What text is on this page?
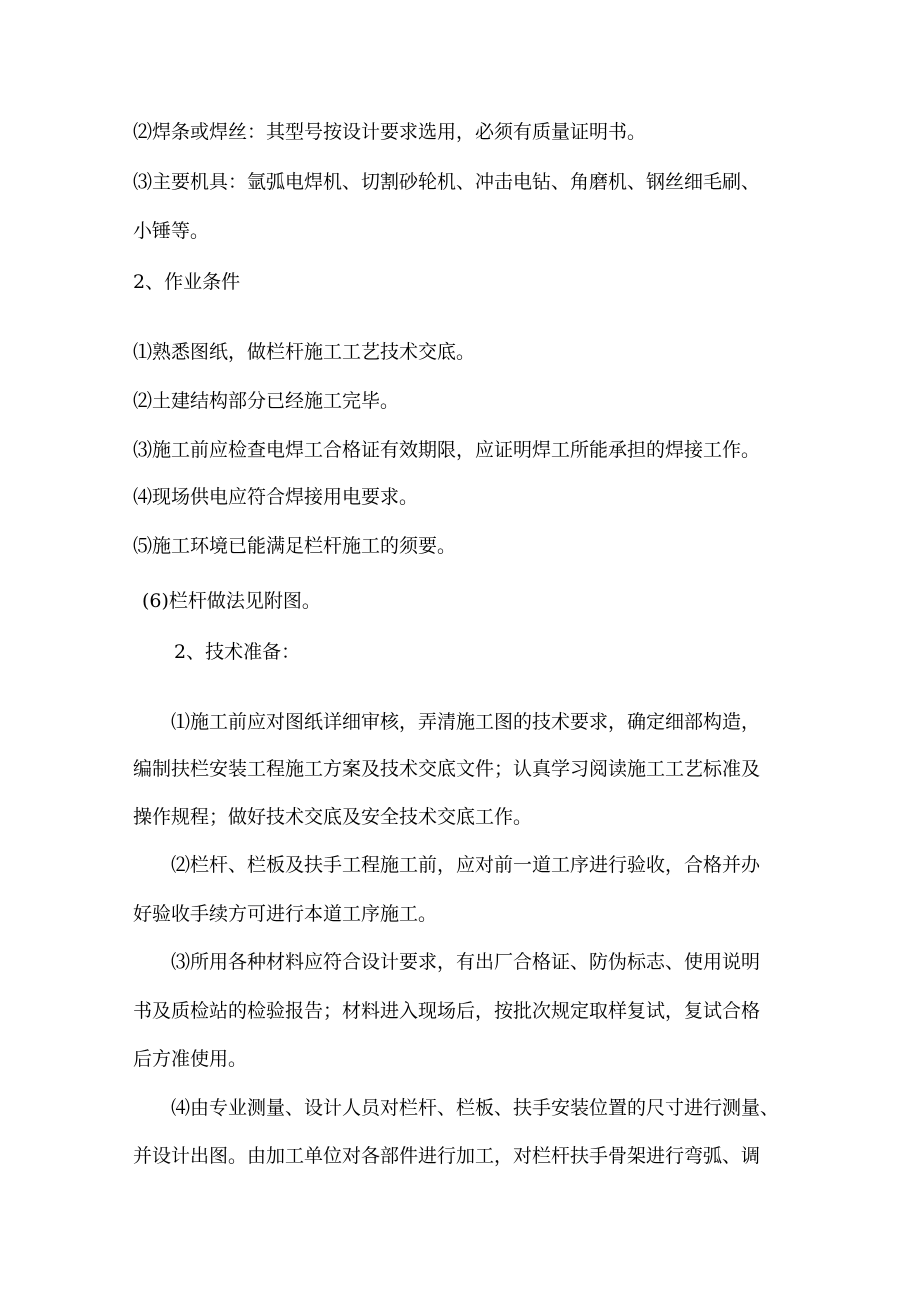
⑵焊条或焊丝：其型号按设计要求选用，必须有质量证明书。

⑶主要机具：氩弧电焊机、切割砂轮机、冲击电钻、角磨机、钢丝细毛刷、

小锤等。

2、作业条件

⑴熟悉图纸，做栏杆施工工艺技术交底。

⑵土建结构部分已经施工完毕。

⑶施工前应检查电焊工合格证有效期限，应证明焊工所能承担的焊接工作。

⑷现场供电应符合焊接用电要求。

⑸施工环境已能满足栏杆施工的须要。

(6)栏杆做法见附图。

2、技术准备：

⑴施工前应对图纸详细审核，弄清施工图的技术要求，确定细部构造，

编制扶栏安装工程施工方案及技术交底文件；认真学习阅读施工工艺标准及

操作规程；做好技术交底及安全技术交底工作。

⑵栏杆、栏板及扶手工程施工前，应对前一道工序进行验收，合格并办

好验收手续方可进行本道工序施工。

⑶所用各种材料应符合设计要求，有出厂合格证、防伪标志、使用说明

书及质检站的检验报告；材料进入现场后，按批次规定取样复试，复试合格

后方准使用。

⑷由专业测量、设计人员对栏杆、栏板、扶手安装位置的尺寸进行测量、

并设计出图。由加工单位对各部件进行加工，对栏杆扶手骨架进行弯弧、调
